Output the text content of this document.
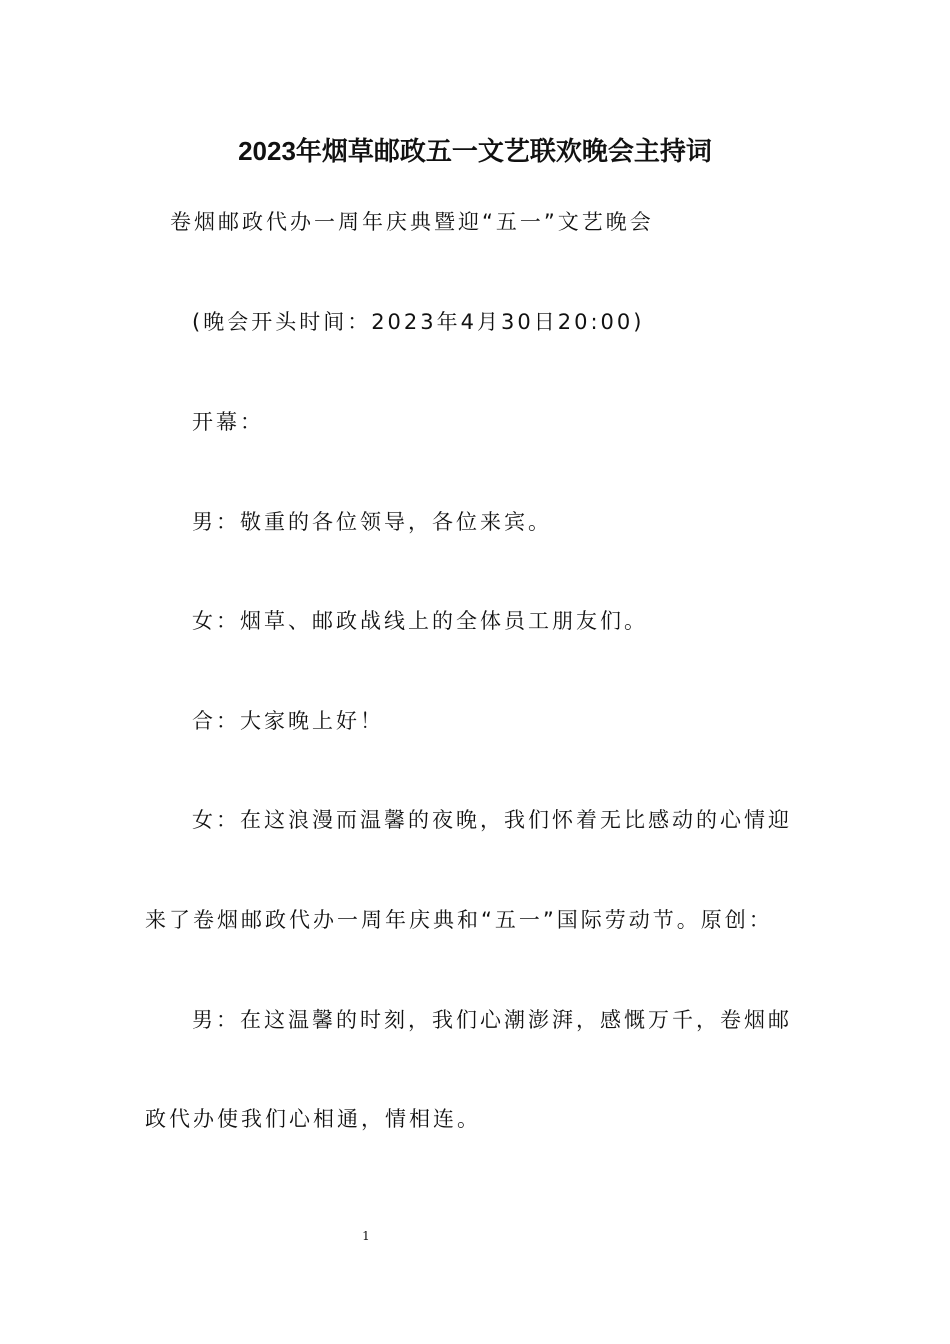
2023年烟草邮政五一文艺联欢晚会主持词
卷烟邮政代办一周年庆典暨迎“五一”文艺晚会
(晚会开头时间：2023年4月30日20:00)
开幕：
男：敬重的各位领导，各位来宾。
女：烟草、邮政战线上的全体员工朋友们。
合：大家晚上好！
女：在这浪漫而温馨的夜晚，我们怀着无比感动的心情迎
来了卷烟邮政代办一周年庆典和“五一”国际劳动节。原创：
男：在这温馨的时刻，我们心潮澎湃，感慨万千，卷烟邮
政代办使我们心相通，情相连。
1
